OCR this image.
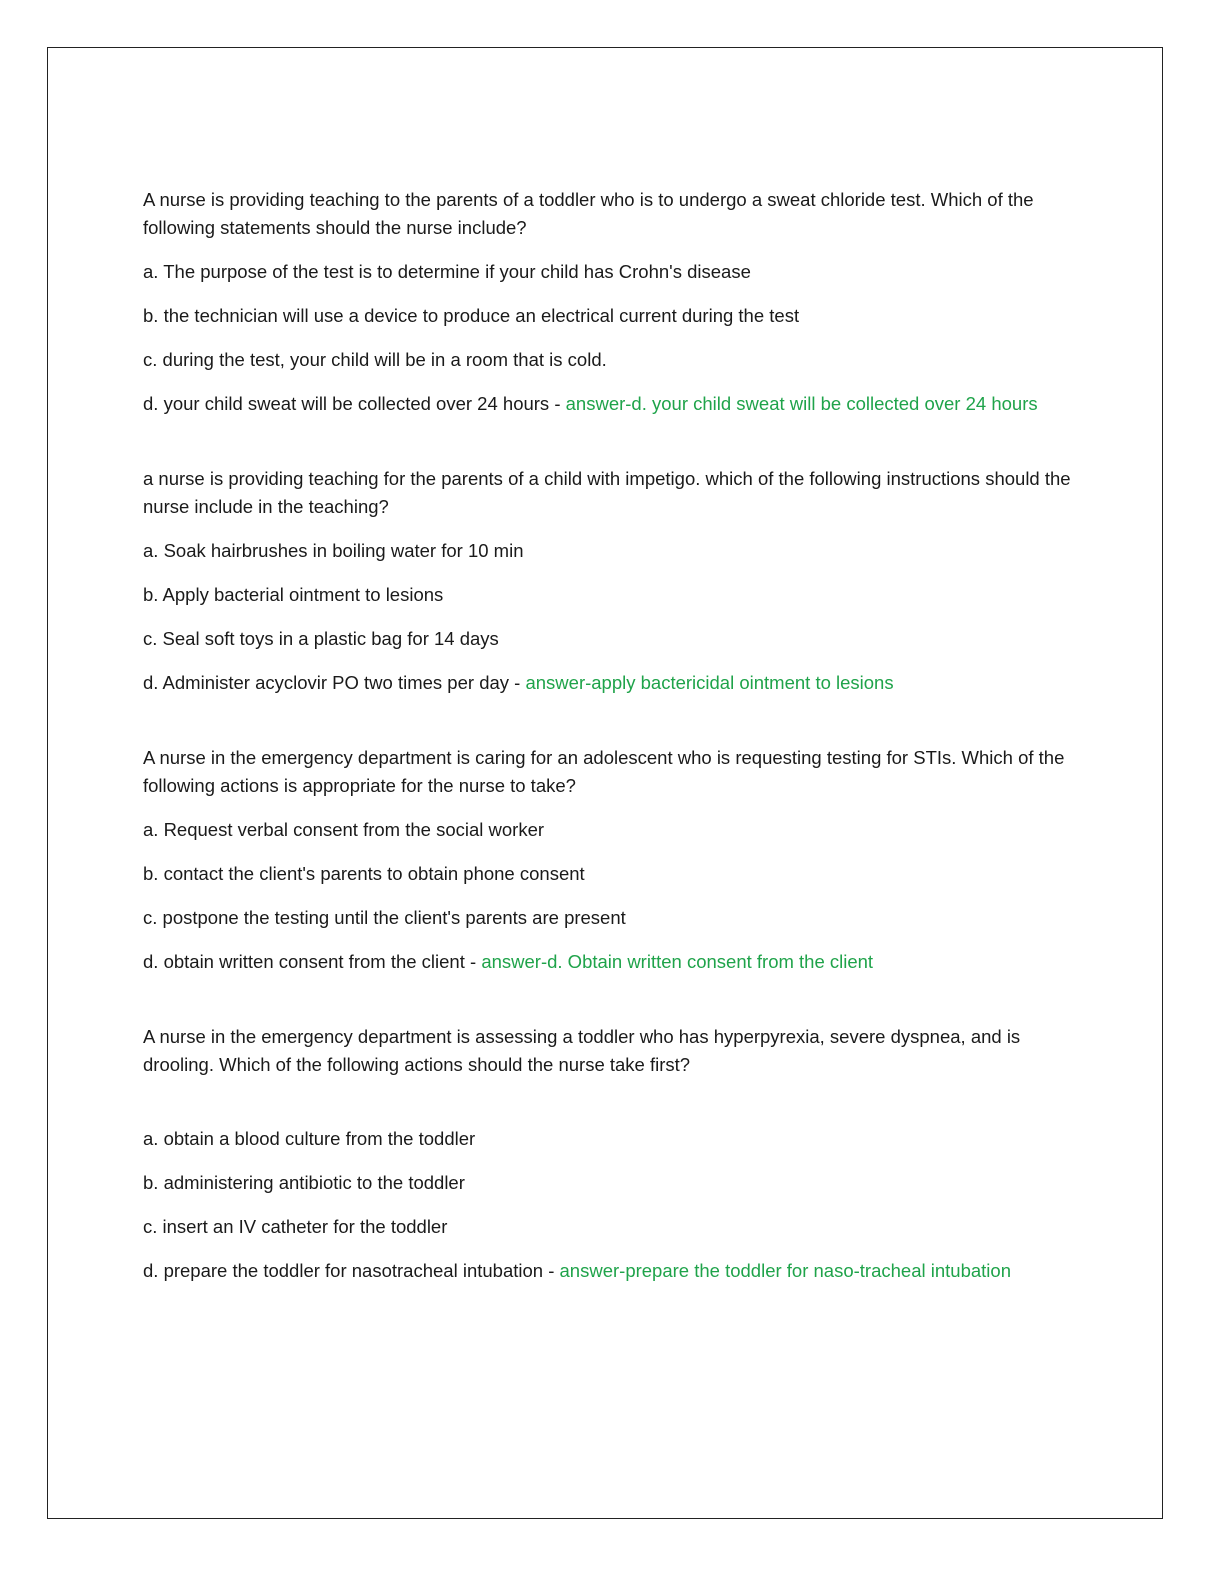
A nurse is providing teaching to the parents of a toddler who is to undergo a sweat chloride test. Which of the following statements should the nurse include?

a. The purpose of the test is to determine if your child has Crohn's disease

b. the technician will use a device to produce an electrical current during the test

c. during the test, your child will be in a room that is cold.

d. your child sweat will be collected over 24 hours - answer-d. your child sweat will be collected over 24 hours

a nurse is providing teaching for the parents of a child with impetigo. which of the following instructions should the nurse include in the teaching?

a. Soak hairbrushes in boiling water for 10 min

b. Apply bacterial ointment to lesions

c. Seal soft toys in a plastic bag for 14 days

d. Administer acyclovir PO two times per day - answer-apply bactericidal ointment to lesions

A nurse in the emergency department is caring for an adolescent who is requesting testing for STIs. Which of the following actions is appropriate for the nurse to take?

a. Request verbal consent from the social worker

b. contact the client's parents to obtain phone consent

c. postpone the testing until the client's parents are present

d. obtain written consent from the client - answer-d. Obtain written consent from the client

A nurse in the emergency department is assessing a toddler who has hyperpyrexia, severe dyspnea, and is drooling. Which of the following actions should the nurse take first?

a. obtain a blood culture from the toddler

b. administering antibiotic to the toddler

c. insert an IV catheter for the toddler

d. prepare the toddler for nasotracheal intubation - answer-prepare the toddler for naso-tracheal intubation
